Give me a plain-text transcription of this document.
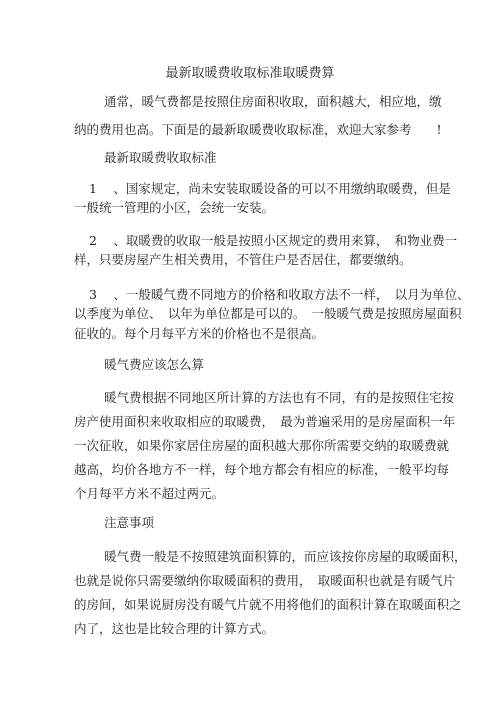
最新取暖费收取标准取暖费算
通常，暖气费都是按照住房面积收取，面积越大，相应地，缴
纳的费用也高。下面是的最新取暖费收取标准，欢迎大家参考　　!
最新取暖费收取标准
1　 、国家规定，尚未安装取暖设备的可以不用缴纳取暖费，但是
一般统一管理的小区，会统一安装。
2　 、取暖费的收取一般是按照小区规定的费用来算，　和物业费一
样，只要房屋产生相关费用，不管住户是否居住，都要缴纳。
3　 、一般暖气费不同地方的价格和收取方法不一样，　以月为单位、
以季度为单位、　以年为单位都是可以的。　一般暖气费是按照房屋面积
征收的。每个月每平方米的价格也不是很高。
暖气费应该怎么算
暖气费根据不同地区所计算的方法也有不同，有的是按照住宅按
房产使用面积来收取相应的取暖费，　最为普遍采用的是房屋面积一年
一次征收，如果你家居住房屋的面积越大那你所需要交纳的取暖费就
越高，均价各地方不一样，每个地方都会有相应的标准，一般平均每
个月每平方米不超过两元。
注意事项
暖气费一般是不按照建筑面积算的，而应该按你房屋的取暖面积，
也就是说你只需要缴纳你取暖面积的费用，　取暖面积也就是有暖气片
的房间，如果说厨房没有暖气片就不用将他们的面积计算在取暖面积之
内了，这也是比较合理的计算方式。
